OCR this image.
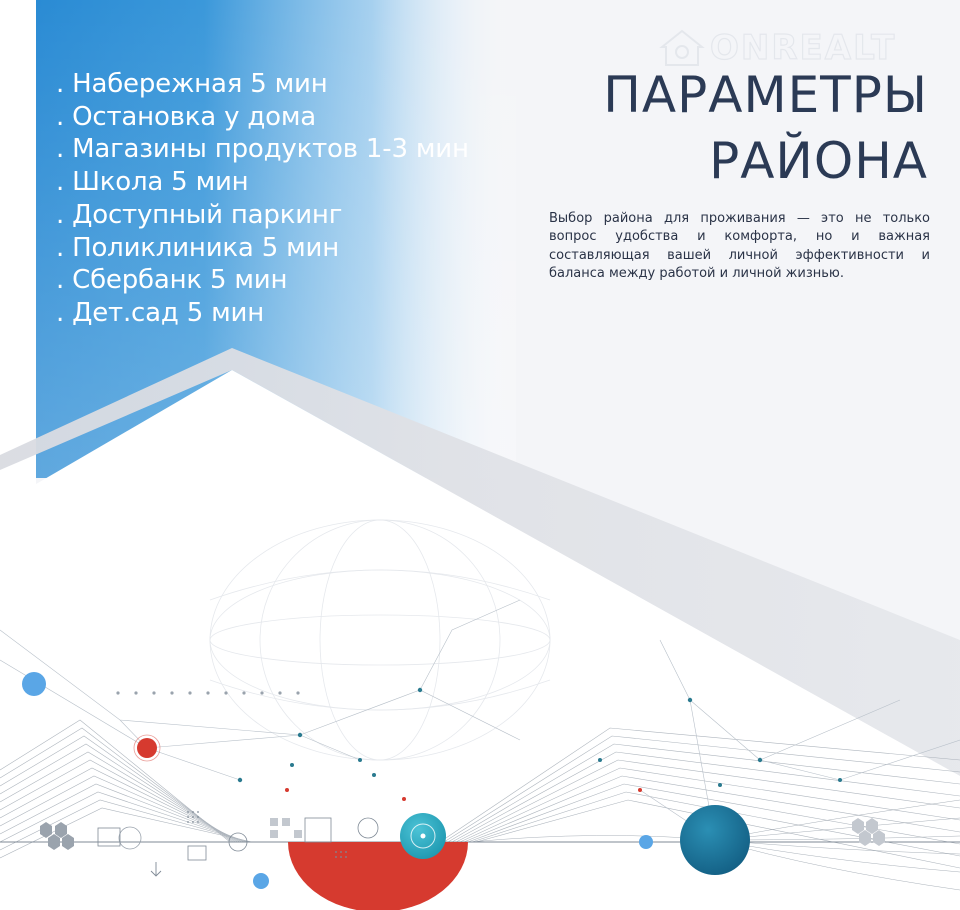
ONREALT
. Набережная 5 мин
. Остановка у дома
. Магазины продуктов 1-3 мин
. Школа 5 мин
. Доступный паркинг
. Поликлиника 5 мин
. Сбербанк 5 мин
. Дет.сад 5 мин
ПАРАМЕТРЫ
РАЙОНА

Выбор района для проживания — это не только вопрос удобства и комфорта, но и важная составляющая вашей личной эффективности и баланса между работой и личной жизнью.
